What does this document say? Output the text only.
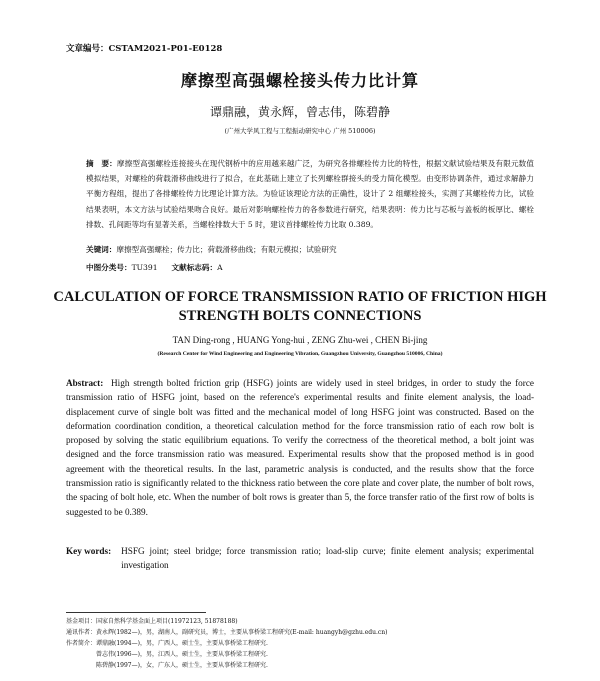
文章编号：CSTAM2021-P01-E0128
摩擦型高强螺栓接头传力比计算
谭鼎融，黄永辉，曾志伟，陈碧静
(广州大学风工程与工程振动研究中心 广州 510006)
摘　要：摩擦型高强螺栓连接接头在现代钢桥中的应用越来越广泛，为研究各排螺栓传力比的特性，根据文献试验结果及有限元数值模拟结果，对螺栓的荷载滑移曲线进行了拟合，在此基础上建立了长列螺栓群接头的受力简化模型。由变形协调条件，通过求解静力平衡方程组，提出了各排螺栓传力比理论计算方法。为验证该理论方法的正确性，设计了 2 组螺栓接头，实测了其螺栓传力比，试验结果表明，本文方法与试验结果吻合良好。最后对影响螺栓传力的各参数进行研究，结果表明：传力比与芯板与盖板的板厚比、螺栓排数、孔间距等均有显著关系，当螺栓排数大于 5 时，建议首排螺栓传力比取 0.389。
关键词：摩擦型高强螺栓；传力比；荷载滑移曲线；有限元模拟；试验研究
中图分类号：TU391 文献标志码：A
CALCULATION OF FORCE TRANSMISSION RATIO OF FRICTION HIGH STRENGTH BOLTS CONNECTIONS
TAN Ding-rong , HUANG Yong-hui , ZENG Zhu-wei , CHEN Bi-jing
(Research Center for Wind Engineering and Engineering Vibration, Guangzhou University, Guangzhou 510006, China)
Abstract: High strength bolted friction grip (HSFG) joints are widely used in steel bridges, in order to study the force transmission ratio of HSFG joint, based on the reference's experimental results and finite element analysis, the load-displacement curve of single bolt was fitted and the mechanical model of long HSFG joint was constructed. Based on the deformation coordination condition, a theoretical calculation method for the force transmission ratio of each row bolt is proposed by solving the static equilibrium equations. To verify the correctness of the theoretical method, a bolt joint was designed and the force transmission ratio was measured. Experimental results show that the proposed method is in good agreement with the theoretical results. In the last, parametric analysis is conducted, and the results show that the force transmission ratio is significantly related to the thickness ratio between the core plate and cover plate, the number of bolt rows, the spacing of bolt hole, etc. When the number of bolt rows is greater than 5, the force transfer ratio of the first row of bolts is suggested to be 0.389.
Key words: HSFG joint; steel bridge; force transmission ratio; load-slip curve; finite element analysis; experimental investigation
基金项目： 国家自然科学基金面上项目(11972123, 51878188)
通讯作者： 黄永辉(1982—)，男，湖南人，副研究员，博士，主要从事桥梁工程研究(E-mail: huangyh@gzhu.edu.cn)
作者简介： 谭鼎融(1994—)，男，广西人，硕士生，主要从事桥梁工程研究.
曾志伟(1996—)，男，江西人，硕士生，主要从事桥梁工程研究.
陈碧静(1997—)，女，广东人，硕士生，主要从事桥梁工程研究.
